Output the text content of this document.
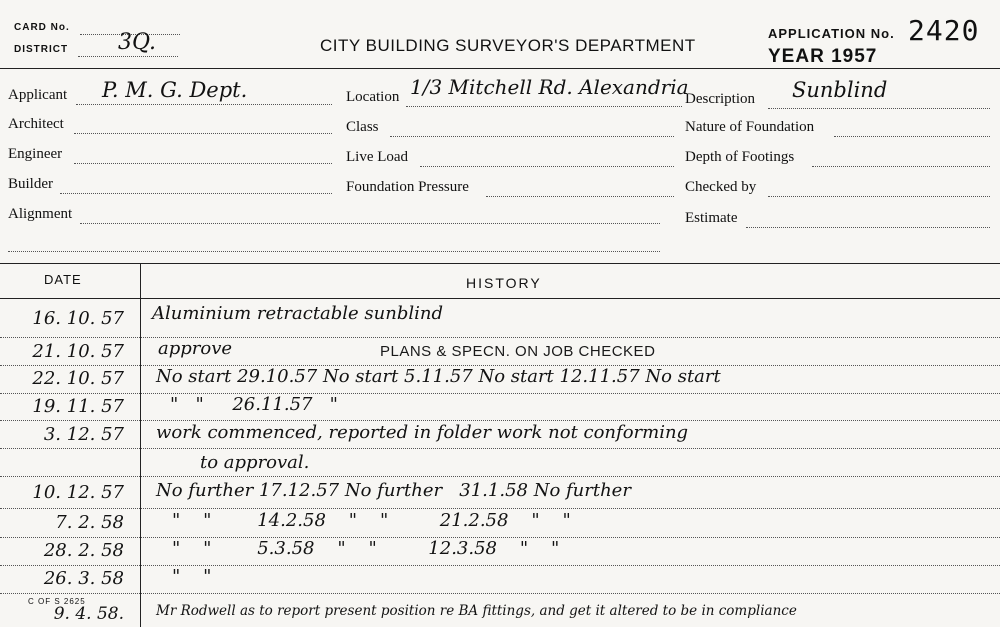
CARD No.
DISTRICT 3Q.	CITY BUILDING SURVEYOR'S DEPARTMENT
APPLICATION No. 2420
YEAR 1957
Applicant P. M. G. Dept.
Architect
Engineer
Builder
Alignment
Location 1/3 Mitchell Rd. Alexandria
Class
Live Load
Foundation Pressure
Description Sunblind
Nature of Foundation
Depth of Footings
Checked by
Estimate
DATE	HISTORY
16. 10. 57 Aluminium retractable sunblind
21. 10. 57 approve	PLANS & SPECN. ON JOB CHECKED
22. 10. 57 No start 29.10.57 No start 5.11.57 No start 12.11.57 No start
19. 11. 57	"   "     26.11.57   "
3. 12. 57 work commenced, reported in folder work not conforming
to approval.
10. 12. 57 No further 17.12.57 No further   31.1.58 No further
7. 2. 58	"    "        14.2.58    "    "         21.2.58    "    "
28. 2. 58	"    "        5.3.58    "    "         12.3.58    "    "
26. 3. 58	"    "
C OF S 2625
9. 4. 58. Mr Rodwell as to report present position re BA fittings, and get it altered to be in compliance
